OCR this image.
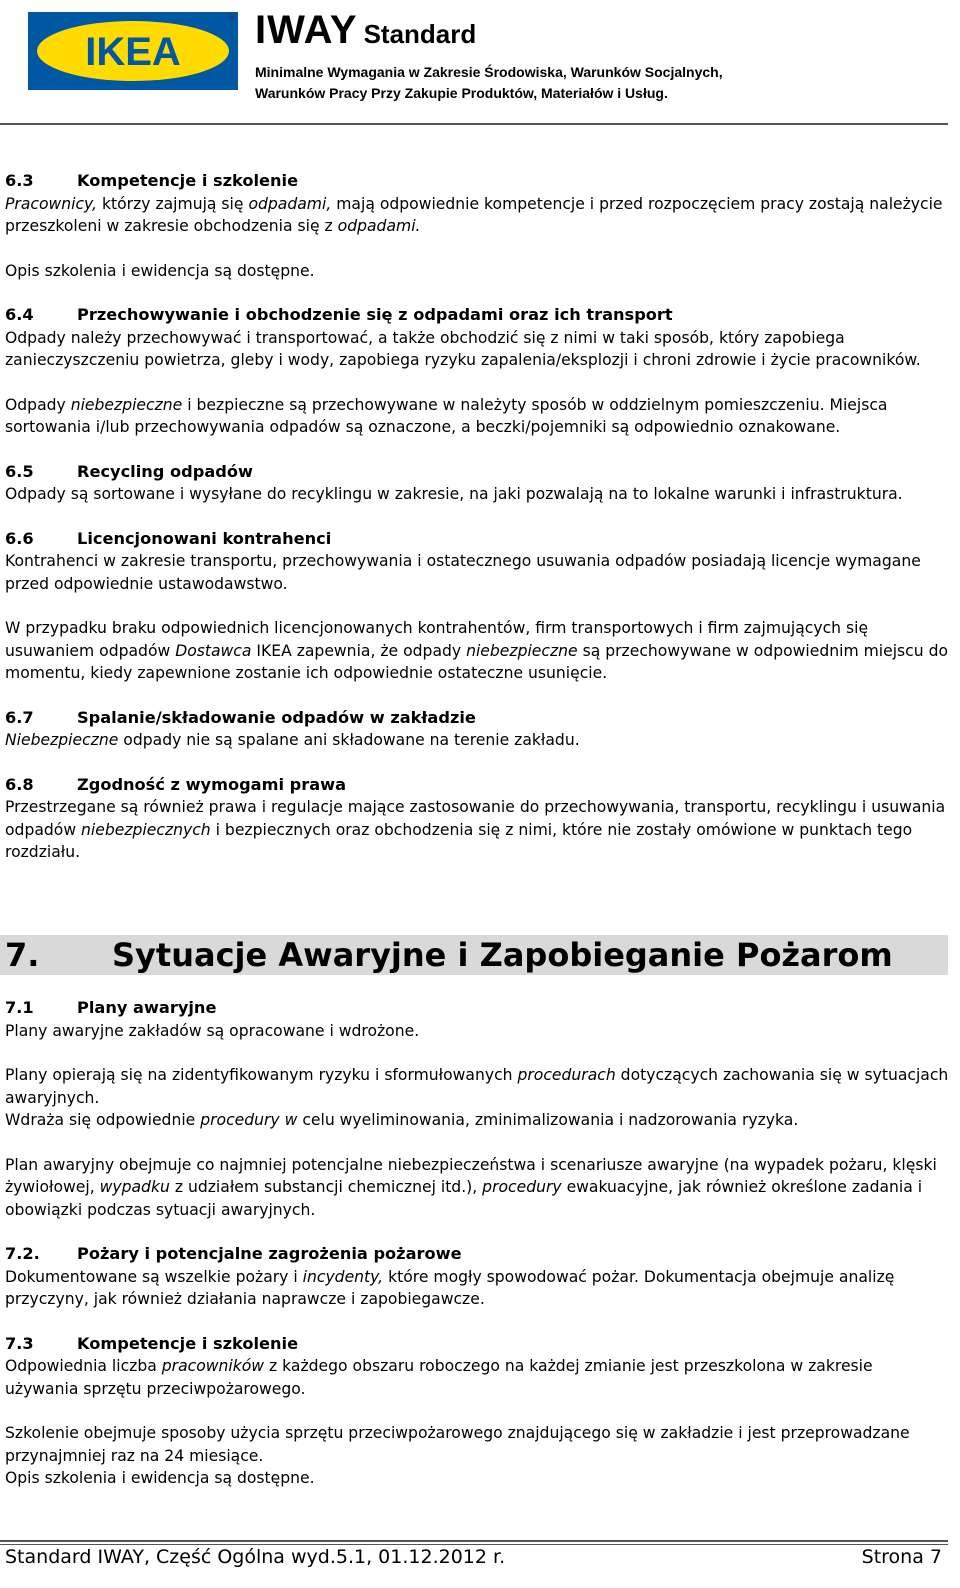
IKEA
® IWAY Standard
Minimalne Wymagania w Zakresie Środowiska, Warunków Socjalnych,
Warunków Pracy Przy Zakupie Produktów, Materiałów i Usług.
6.3	Kompetencje i szkolenie
Pracownicy, którzy zajmują się odpadami, mają odpowiednie kompetencje i przed rozpoczęciem pracy zostają należycie przeszkoleni w zakresie obchodzenia się z odpadami.
Opis szkolenia i ewidencja są dostępne.
6.4	Przechowywanie i obchodzenie się z odpadami oraz ich transport
Odpady należy przechowywać i transportować, a także obchodzić się z nimi w taki sposób, który zapobiega zanieczyszczeniu powietrza, gleby i wody, zapobiega ryzyku zapalenia/eksplozji i chroni zdrowie i życie pracowników.
Odpady niebezpieczne i bezpieczne są przechowywane w należyty sposób w oddzielnym pomieszczeniu. Miejsca sortowania i/lub przechowywania odpadów są oznaczone, a beczki/pojemniki są odpowiednio oznakowane.
6.5	Recycling odpadów
Odpady są sortowane i wysyłane do recyklingu w zakresie, na jaki pozwalają na to lokalne warunki i infrastruktura.
6.6	Licencjonowani kontrahenci
Kontrahenci w zakresie transportu, przechowywania i ostatecznego usuwania odpadów posiadają licencje wymagane przed odpowiednie ustawodawstwo.
W przypadku braku odpowiednich licencjonowanych kontrahentów, firm transportowych i firm zajmujących się usuwaniem odpadów Dostawca IKEA zapewnia, że odpady niebezpieczne są przechowywane w odpowiednim miejscu do momentu, kiedy zapewnione zostanie ich odpowiednie ostateczne usunięcie.
6.7	Spalanie/składowanie odpadów w zakładzie
Niebezpieczne odpady nie są spalane ani składowane na terenie zakładu.
6.8	Zgodność z wymogami prawa
Przestrzegane są również prawa i regulacje mające zastosowanie do przechowywania, transportu, recyklingu i usuwania odpadów niebezpiecznych i bezpiecznych oraz obchodzenia się z nimi, które nie zostały omówione w punktach tego rozdziału.
7. Sytuacje Awaryjne i Zapobieganie Pożarom
7.1	Plany awaryjne
Plany awaryjne zakładów są opracowane i wdrożone.
Plany opierają się na zidentyfikowanym ryzyku i sformułowanych procedurach dotyczących zachowania się w sytuacjach awaryjnych.
Wdraża się odpowiednie procedury w celu wyeliminowania, zminimalizowania i nadzorowania ryzyka.
Plan awaryjny obejmuje co najmniej potencjalne niebezpieczeństwa i scenariusze awaryjne (na wypadek pożaru, klęski żywiołowej, wypadku z udziałem substancji chemicznej itd.), procedury ewakuacyjne, jak również określone zadania i obowiązki podczas sytuacji awaryjnych.
7.2. Pożary i potencjalne zagrożenia pożarowe
Dokumentowane są wszelkie pożary i incydenty, które mogły spowodować pożar. Dokumentacja obejmuje analizę przyczyny, jak również działania naprawcze i zapobiegawcze.
7.3	Kompetencje i szkolenie
Odpowiednia liczba pracowników z każdego obszaru roboczego na każdej zmianie jest przeszkolona w zakresie używania sprzętu przeciwpożarowego.
Szkolenie obejmuje sposoby użycia sprzętu przeciwpożarowego znajdującego się w zakładzie i jest przeprowadzane przynajmniej raz na 24 miesiące.
Opis szkolenia i ewidencja są dostępne.
Standard IWAY, Część Ogólna wyd.5.1, 01.12.2012 r.	Strona 7
